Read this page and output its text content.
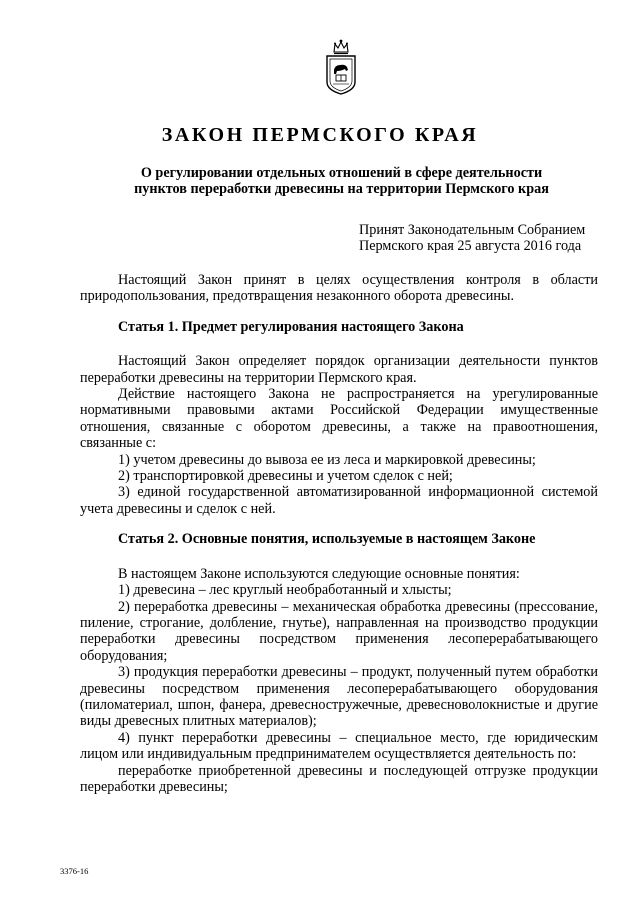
ЗАКОН ПЕРМСКОГО КРАЯ
О регулировании отдельных отношений в сфере деятельности
пунктов переработки древесины на территории Пермского края
Принят Законодательным Собранием
Пермского края 25 августа 2016 года

Настоящий Закон принят в целях осуществления контроля в области природопользования, предотвращения незаконного оборота древесины.

Статья 1. Предмет регулирования настоящего Закона

Настоящий Закон определяет порядок организации деятельности пунктов переработки древесины на территории Пермского края.

Действие настоящего Закона не распространяется на урегулированные нормативными правовыми актами Российской Федерации имущественные отношения, связанные с оборотом древесины, а также на правоотношения, связанные с:

1) учетом древесины до вывоза ее из леса и маркировкой древесины;

2) транспортировкой древесины и учетом сделок с ней;

3) единой государственной автоматизированной информационной системой учета древесины и сделок с ней.

Статья 2. Основные понятия, используемые в настоящем Законе

В настоящем Законе используются следующие основные понятия:

1) древесина – лес круглый необработанный и хлысты;

2) переработка древесины – механическая обработка древесины (прессование, пиление, строгание, долбление, гнутье), направленная на производство продукции переработки древесины посредством применения лесоперерабатывающего оборудования;

3) продукция переработки древесины – продукт, полученный путем обработки древесины посредством применения лесоперерабатывающего оборудования (пиломатериал, шпон, фанера, древесностружечные, древесноволокнистые и другие виды древесных плитных материалов);

4) пункт переработки древесины – специальное место, где юридическим лицом или индивидуальным предпринимателем осуществляется деятельность по:

переработке приобретенной древесины и последующей отгрузке продукции переработки древесины;

3376-16
